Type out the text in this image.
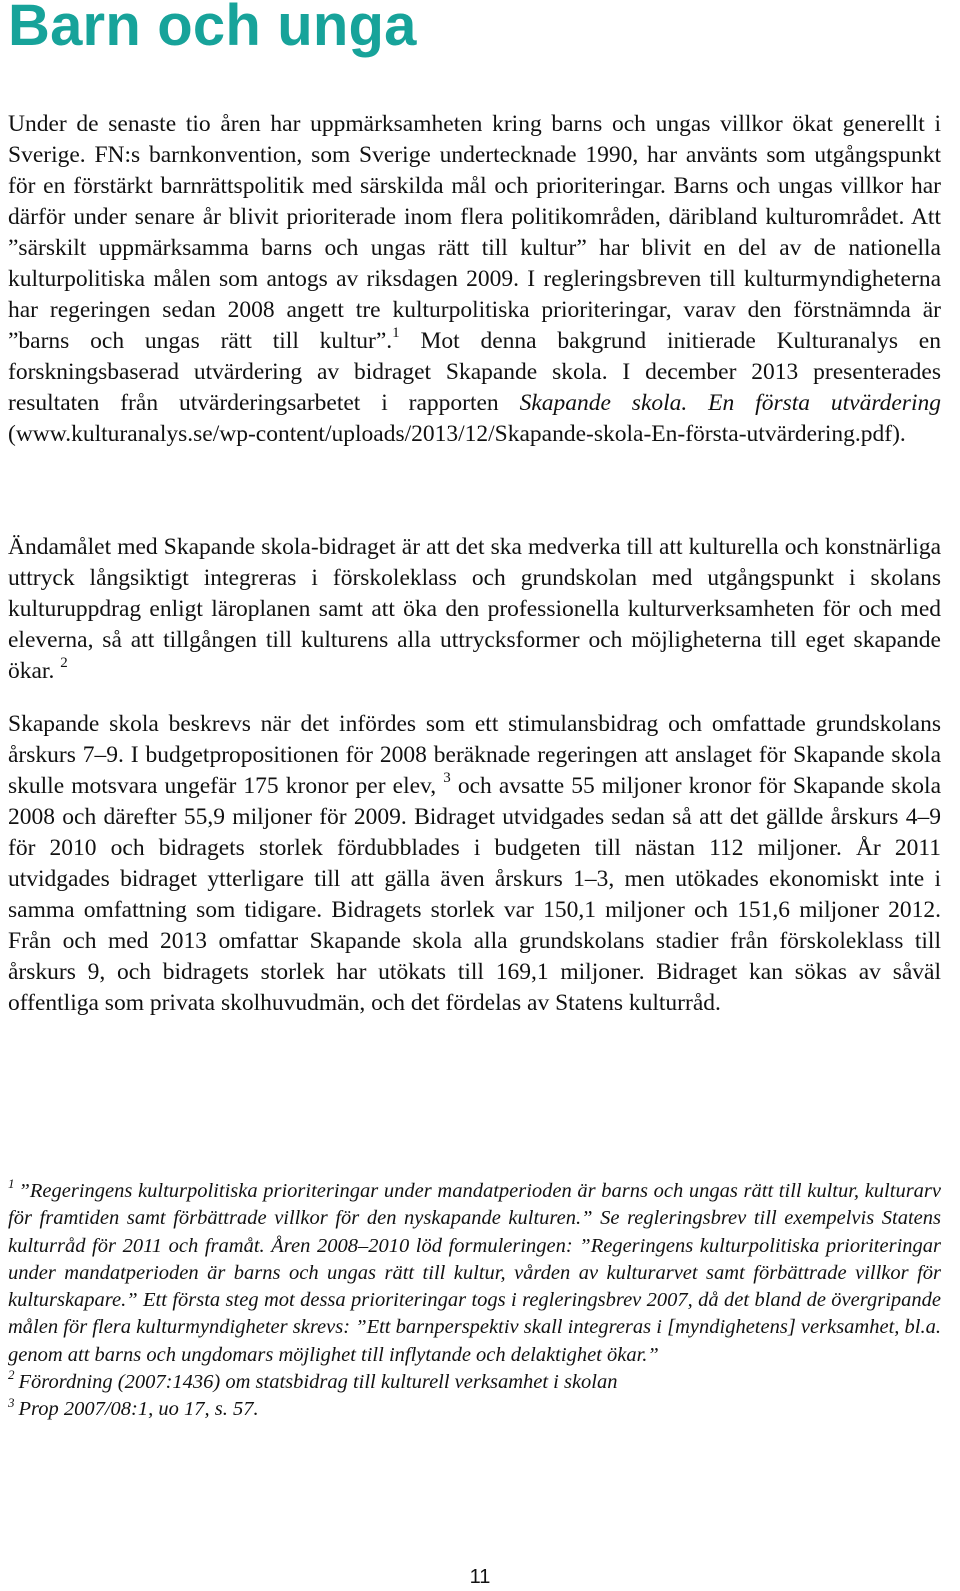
Barn och unga

Under de senaste tio åren har uppmärksamheten kring barns och ungas villkor ökat generellt i Sverige. FN:s barnkonvention, som Sverige undertecknade 1990, har använts som utgångspunkt för en förstärkt barnrättspolitik med särskilda mål och prioriteringar. Barns och ungas villkor har därför under senare år blivit prioriterade inom flera politikområden, däribland kulturområdet. Att ”särskilt uppmärksamma barns och ungas rätt till kultur” har blivit en del av de nationella kulturpolitiska målen som antogs av riksdagen 2009. I regleringsbreven till kulturmyndigheterna har regeringen sedan 2008 angett tre kulturpolitiska prioriteringar, varav den förstnämnda är ”barns och ungas rätt till kultur”.$^1$ Mot denna bakgrund initierade Kulturanalys en forskningsbaserad utvärdering av bidraget Skapande skola. I december 2013 presenterades resultaten från utvärderingsarbetet i rapporten Skapande skola. En första utvärdering (www.kulturanalys.se/wp-content/uploads/2013/12/Skapande-skola-En-första-utvärdering.pdf).

Ändamålet med Skapande skola-bidraget är att det ska medverka till att kulturella och konstnärliga uttryck långsiktigt integreras i förskoleklass och grundskolan med utgångspunkt i skolans kulturuppdrag enligt läroplanen samt att öka den professionella kulturverksamheten för och med eleverna, så att tillgången till kulturens alla uttrycksformer och möjligheterna till eget skapande ökar. $^2$

Skapande skola beskrevs när det infördes som ett stimulansbidrag och omfattade grundskolans årskurs 7–9. I budgetpropositionen för 2008 beräknade regeringen att anslaget för Skapande skola skulle motsvara ungefär 175 kronor per elev, $^3$ och avsatte 55 miljoner kronor för Skapande skola 2008 och därefter 55,9 miljoner för 2009. Bidraget utvidgades sedan så att det gällde årskurs 4–9 för 2010 och bidragets storlek fördubblades i budgeten till nästan 112 miljoner. År 2011 utvidgades bidraget ytterligare till att gälla även årskurs 1–3, men utökades ekonomiskt inte i samma omfattning som tidigare. Bidragets storlek var 150,1 miljoner och 151,6 miljoner 2012. Från och med 2013 omfattar Skapande skola alla grundskolans stadier från förskoleklass till årskurs 9, och bidragets storlek har utökats till 169,1 miljoner. Bidraget kan sökas av såväl offentliga som privata skolhuvudmän, och det fördelas av Statens kulturråd.

$^1$ ”Regeringens kulturpolitiska prioriteringar under mandatperioden är barns och ungas rätt till kultur, kulturarv för framtiden samt förbättrade villkor för den nyskapande kulturen.” Se regleringsbrev till exempelvis Statens kulturråd för 2011 och framåt. Åren 2008–2010 löd formuleringen: ”Regeringens kulturpolitiska prioriteringar under mandatperioden är barns och ungas rätt till kultur, vården av kulturarvet samt förbättrade villkor för kulturskapare.” Ett första steg mot dessa prioriteringar togs i regleringsbrev 2007, då det bland de övergripande målen för flera kulturmyndigheter skrevs: ”Ett barnperspektiv skall integreras i [myndighetens] verksamhet, bl.a. genom att barns och ungdomars möjlighet till inflytande och delaktighet ökar.”

$^2$ Förordning (2007:1436) om statsbidrag till kulturell verksamhet i skolan

$^3$ Prop 2007/08:1, uo 17, s. 57.

11
